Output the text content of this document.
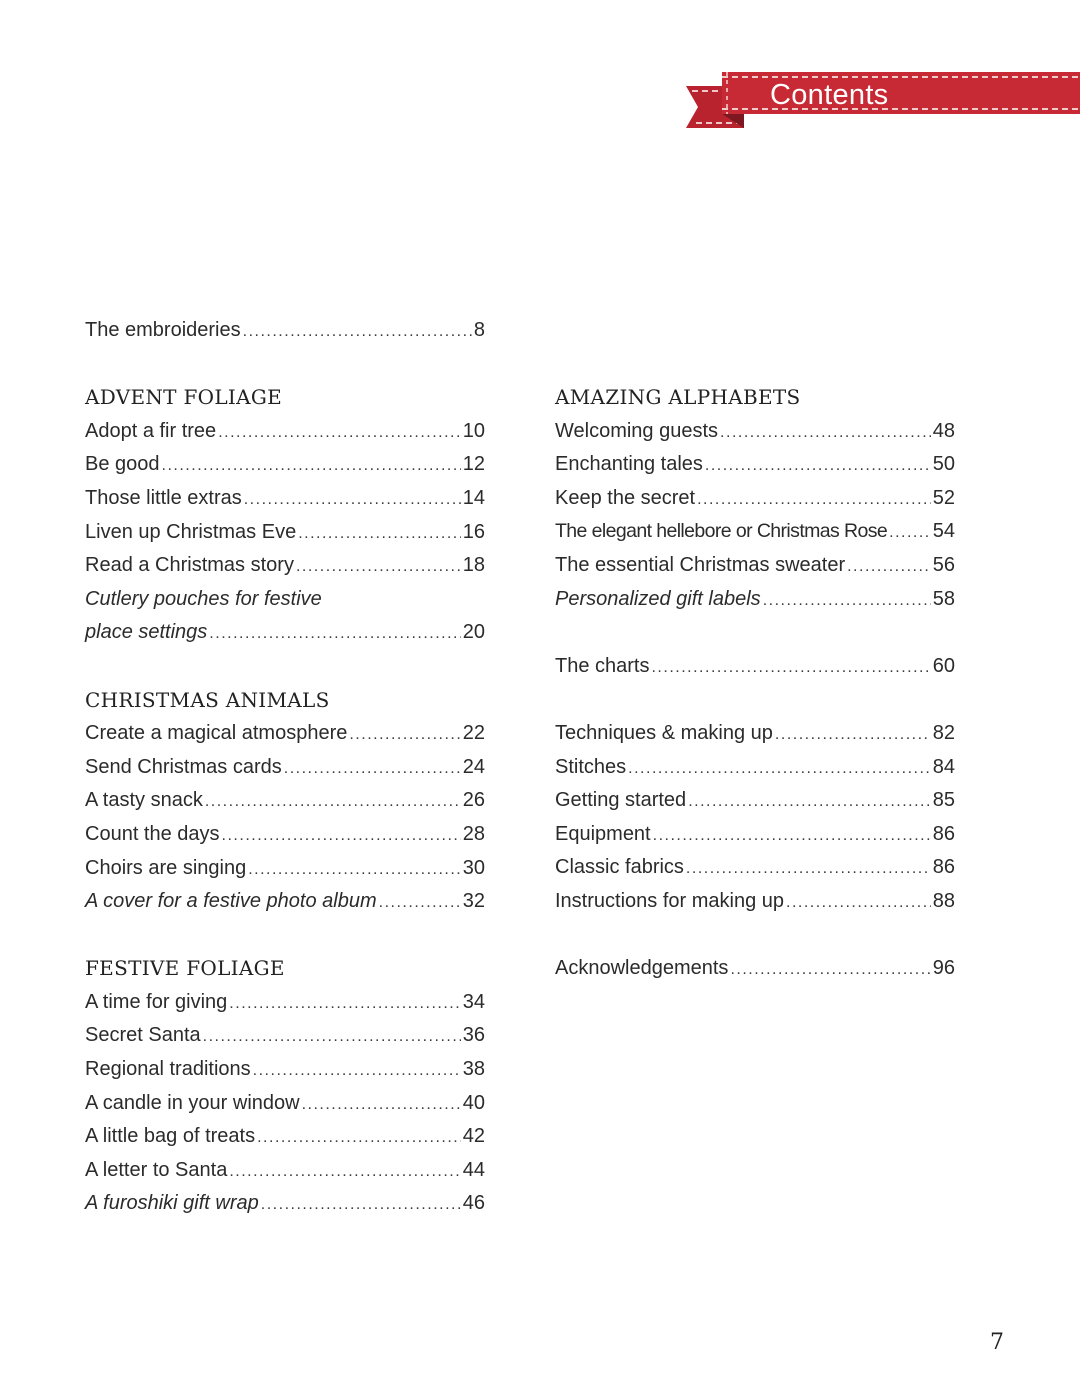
Contents
The embroideries .....	8
ADVENT FOLIAGE
Adopt a fir tree .....	10
Be good .....	12
Those little extras .....	14
Liven up Christmas Eve .....	16
Read a Christmas story .....	18
Cutlery pouches for festive
place settings .....	20
CHRISTMAS ANIMALS
Create a magical atmosphere .....	22
Send Christmas cards .....	24
A tasty snack .....	26
Count the days .....	28
Choirs are singing .....	30
A cover for a festive photo album .....	32
FESTIVE FOLIAGE
A time for giving .....	34
Secret Santa .....	36
Regional traditions .....	38
A candle in your window .....	40
A little bag of treats .....	42
A letter to Santa .....	44
A furoshiki gift wrap .....	46
AMAZING ALPHABETS
Welcoming guests .....	48
Enchanting tales .....	50
Keep the secret .....	52
The elegant hellebore or Christmas Rose ..... 54
The essential Christmas sweater .....	56
Personalized gift labels .....	58
The charts .....	60
Techniques & making up .....	82
Stitches .....	84
Getting started .....	85
Equipment .....	86
Classic fabrics .....	86
Instructions for making up .....	88
Acknowledgements .....	96
7
